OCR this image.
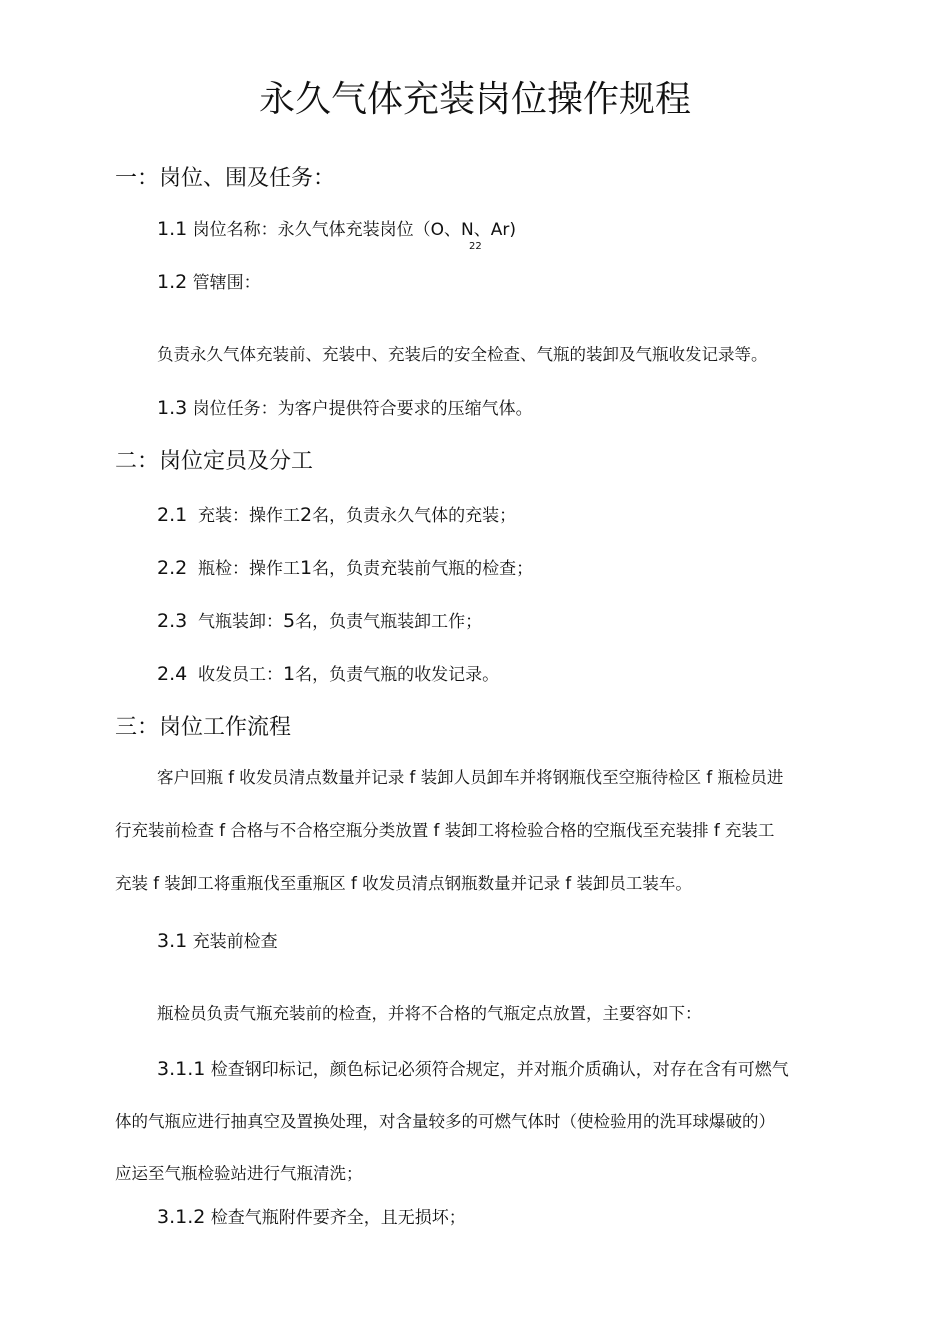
永久气体充装岗位操作规程
一：岗位、围及任务：
1.1 岗位名称：永久气体充装岗位（O、N、Ar)
22
1.2 管辖围：
负责永久气体充装前、充装中、充装后的安全检查、气瓶的装卸及气瓶收发记录等。
1.3 岗位任务：为客户提供符合要求的压缩气体。
二：岗位定员及分工
2.1 充装：操作工2名，负责永久气体的充装；
2.2 瓶检：操作工1名，负责充装前气瓶的检查；
2.3 气瓶装卸：5名，负责气瓶装卸工作；
2.4 收发员工：1名，负责气瓶的收发记录。
三：岗位工作流程
客户回瓶 f 收发员清点数量并记录 f 装卸人员卸车并将钢瓶伐至空瓶待检区 f 瓶检员进
行充装前检查 f 合格与不合格空瓶分类放置 f 装卸工将检验合格的空瓶伐至充装排 f 充装工
充装 f 装卸工将重瓶伐至重瓶区 f 收发员清点钢瓶数量并记录 f 装卸员工装车。
3.1 充装前检查
瓶检员负责气瓶充装前的检查，并将不合格的气瓶定点放置，主要容如下：
3.1.1 检查钢印标记，颜色标记必须符合规定，并对瓶介质确认，对存在含有可燃气
体的气瓶应进行抽真空及置换处理，对含量较多的可燃气体时（使检验用的洗耳球爆破的）
应运至气瓶检验站进行气瓶清洗；
3.1.2 检查气瓶附件要齐全，且无损坏；
